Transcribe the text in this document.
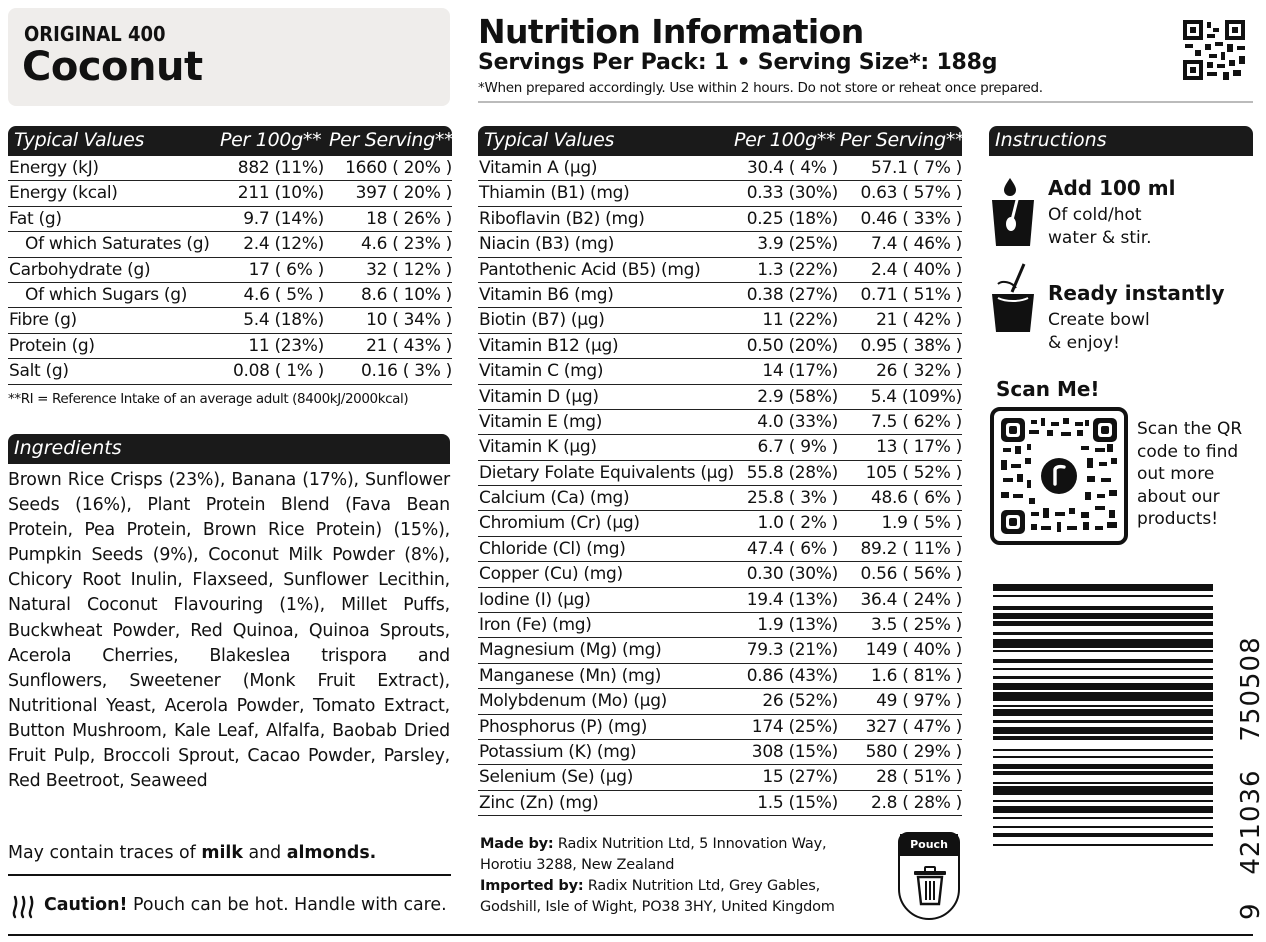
ORIGINAL 400
Coconut
Nutrition Information
Servings Per Pack: 1 • Serving Size*: 188g
*When prepared accordingly. Use within 2 hours. Do not store or reheat once prepared.
Typical Values	Per 100g** Per Serving**
Energy (kJ)	882 (11%) 1660 ( 20% )
Energy (kcal)	211 (10%) 397 ( 20% )
Fat (g)	9.7 (14%) 18 ( 26% )
Of which Saturates (g) 2.4 (12%) 4.6 ( 23% )
Carbohydrate (g)	17 ( 6% ) 32 ( 12% )
Of which Sugars (g)	4.6 ( 5% ) 8.6 ( 10% )
Fibre (g)	5.4 (18%) 10 ( 34% )
Protein (g)	11 (23%) 21 ( 43% )
Salt (g)	0.08 ( 1% ) 0.16 ( 3% )
**RI = Reference Intake of an average adult (8400kJ/2000kcal)
Ingredients
Brown Rice Crisps (23%), Banana (17%), Sunflower Seeds (16%), Plant Protein Blend (Fava Bean Protein, Pea Protein, Brown Rice Protein) (15%), Pumpkin Seeds (9%), Coconut Milk Powder (8%), Chicory Root Inulin, Flaxseed, Sunflower Lecithin, Natural Coconut Flavouring (1%), Millet Puffs, Buckwheat Powder, Red Quinoa, Quinoa Sprouts, Acerola Cherries, Blakeslea trispora and Sunflowers, Sweetener (Monk Fruit Extract), Nutritional Yeast, Acerola Powder, Tomato Extract, Button Mushroom, Kale Leaf, Alfalfa, Baobab Dried Fruit Pulp, Broccoli Sprout, Cacao Powder, Parsley, Red Beetroot, Seaweed
May contain traces of milk and almonds.
Caution! Pouch can be hot. Handle with care.
Typical Values	Per 100g** Per Serving**
Vitamin A (µg)	30.4 ( 4% ) 57.1 ( 7% )
Thiamin (B1) (mg)	0.33 (30%) 0.63 ( 57% )
Riboflavin (B2) (mg)	0.25 (18%) 0.46 ( 33% )
Niacin (B3) (mg)	3.9 (25%) 7.4 ( 46% )
Pantothenic Acid (B5) (mg)	1.3 (22%) 2.4 ( 40% )
Vitamin B6 (mg)	0.38 (27%) 0.71 ( 51% )
Biotin (B7) (µg)	11 (22%) 21 ( 42% )
Vitamin B12 (µg)	0.50 (20%) 0.95 ( 38% )
Vitamin C (mg)	14 (17%) 26 ( 32% )
Vitamin D (µg)	2.9 (58%) 5.4 (109%)
Vitamin E (mg)	4.0 (33%) 7.5 ( 62% )
Vitamin K (µg)	6.7 ( 9% ) 13 ( 17% )
Dietary Folate Equivalents (µg) 55.8 (28%) 105 ( 52% )
Calcium (Ca) (mg)	25.8 ( 3% ) 48.6 ( 6% )
Chromium (Cr) (µg)	1.0 ( 2% )	1.9 ( 5% )
Chloride (Cl) (mg)	47.4 ( 6% ) 89.2 ( 11% )
Copper (Cu) (mg)	0.30 (30%) 0.56 ( 56% )
Iodine (I) (µg)	19.4 (13%) 36.4 ( 24% )
Iron (Fe) (mg)	1.9 (13%) 3.5 ( 25% )
Magnesium (Mg) (mg)	79.3 (21%) 149 ( 40% )
Manganese (Mn) (mg)	0.86 (43%) 1.6 ( 81% )
Molybdenum (Mo) (µg)	26 (52%) 49 ( 97% )
Phosphorus (P) (mg)	174 (25%) 327 ( 47% )
Potassium (K) (mg)	308 (15%) 580 ( 29% )
Selenium (Se) (µg)	15 (27%) 28 ( 51% )
Zinc (Zn) (mg)	1.5 (15%) 2.8 ( 28% )
Made by: Radix Nutrition Ltd, 5 Innovation Way,
Horotiu 3288, New Zealand
Imported by: Radix Nutrition Ltd, Grey Gables,
Godshill, Isle of Wight, PO38 3HY, United Kingdom
Pouch
Instructions
Add 100 ml
Of cold/hot
water & stir.
Ready instantly
Create bowl
& enjoy!
Scan Me!
Scan the QR
code to find
out more
about our
products!
9   421036   750508
